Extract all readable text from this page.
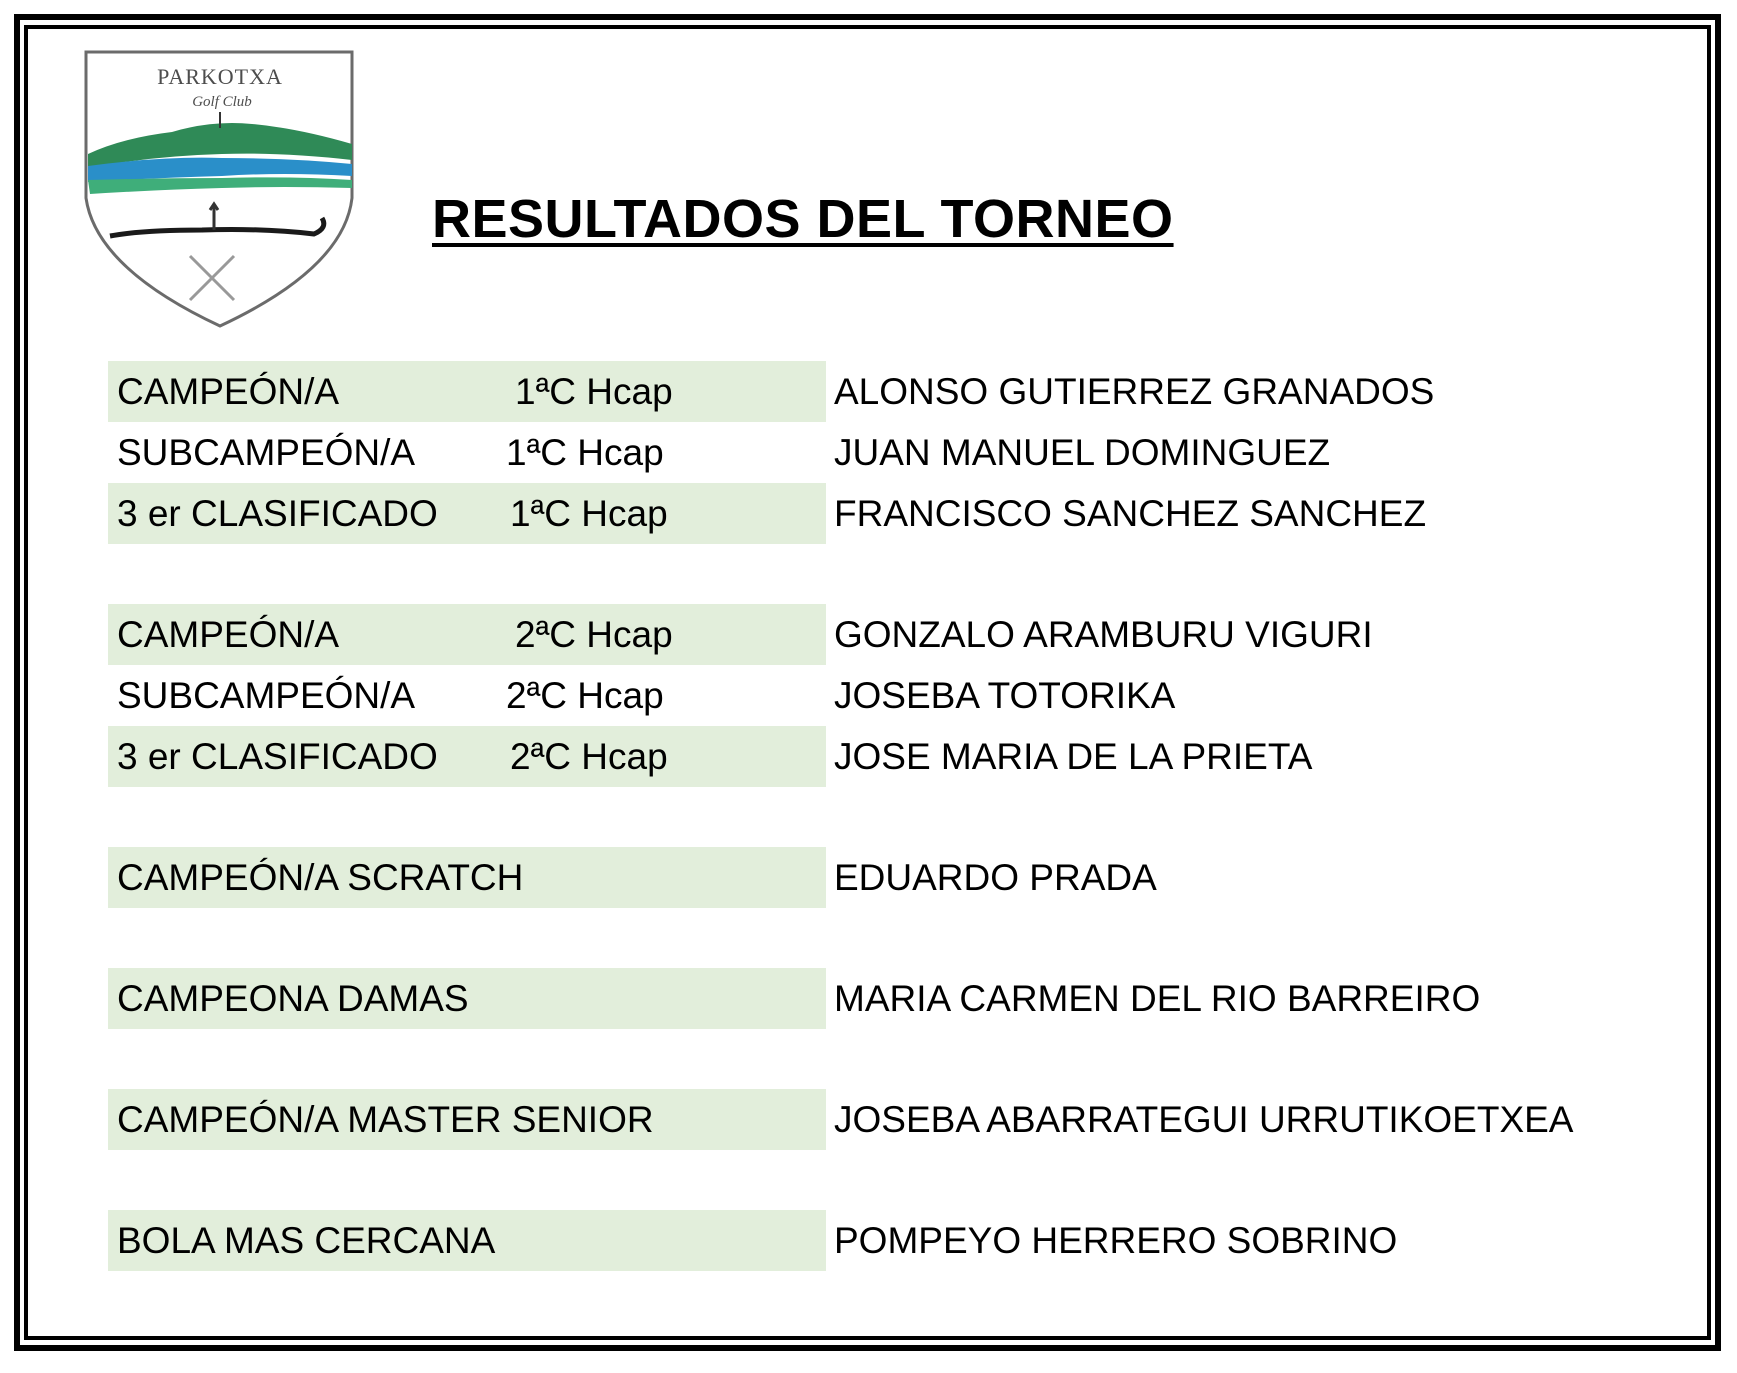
PARKOTXA
Golf Club
RESULTADOS DEL TORNEO
CAMPEÓN/A	1ªC Hcap	ALONSO GUTIERREZ GRANADOS
SUBCAMPEÓN/A 1ªC Hcap	JUAN MANUEL DOMINGUEZ
3 er CLASIFICADO 1ªC Hcap	FRANCISCO SANCHEZ SANCHEZ
CAMPEÓN/A	2ªC Hcap	GONZALO ARAMBURU VIGURI
SUBCAMPEÓN/A 2ªC Hcap	JOSEBA TOTORIKA
3 er CLASIFICADO 2ªC Hcap	JOSE MARIA DE LA PRIETA
CAMPEÓN/A SCRATCH	EDUARDO PRADA
CAMPEONA DAMAS	MARIA CARMEN DEL RIO BARREIRO
CAMPEÓN/A MASTER SENIOR	JOSEBA ABARRATEGUI URRUTIKOETXEA
BOLA MAS CERCANA	POMPEYO HERRERO SOBRINO
